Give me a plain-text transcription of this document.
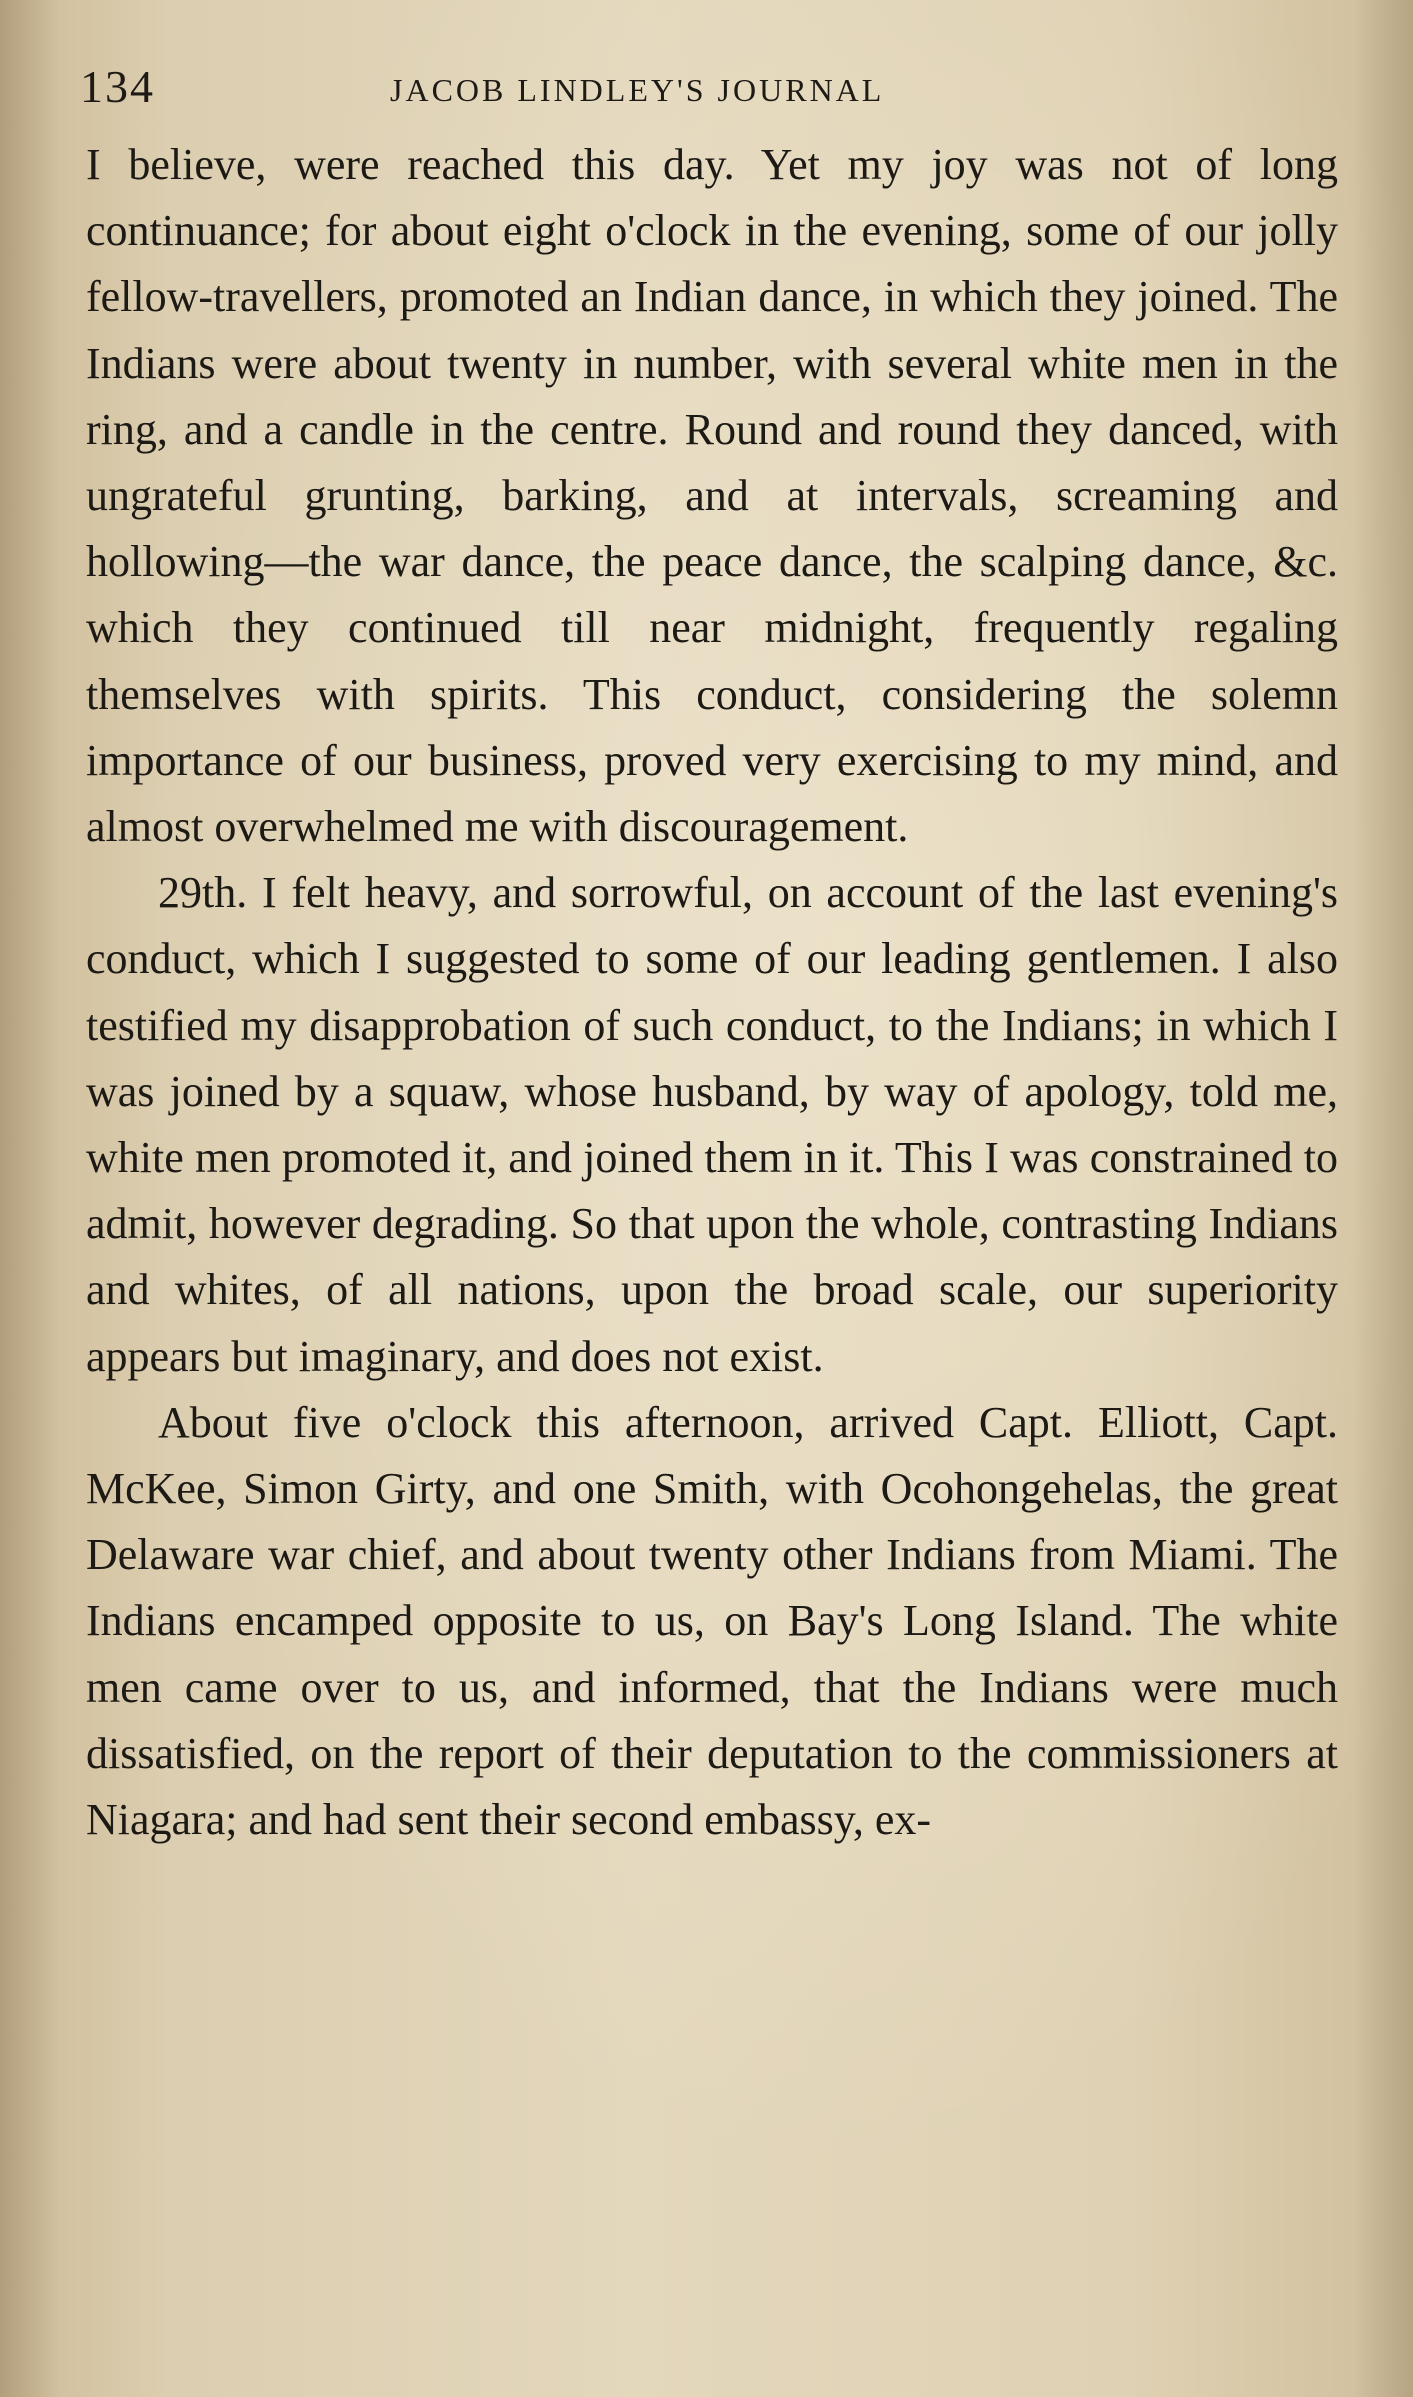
134	JACOB LINDLEY'S JOURNAL

I believe, were reached this day. Yet my joy was not of long continuance; for about eight o'clock in the evening, some of our jolly fellow-travellers, promoted an Indian dance, in which they joined. The Indians were about twenty in number, with several white men in the ring, and a candle in the centre. Round and round they danced, with ungrateful grunting, barking, and at intervals, screaming and hollowing—the war dance, the peace dance, the scalping dance, &c. which they continued till near midnight, frequently regaling themselves with spirits. This conduct, considering the solemn importance of our business, proved very exercising to my mind, and almost overwhelmed me with discouragement.

29th. I felt heavy, and sorrowful, on account of the last evening's conduct, which I suggested to some of our leading gentlemen. I also testified my disapprobation of such conduct, to the Indians; in which I was joined by a squaw, whose husband, by way of apology, told me, white men promoted it, and joined them in it. This I was constrained to admit, however degrading. So that upon the whole, contrasting Indians and whites, of all nations, upon the broad scale, our superiority appears but imaginary, and does not exist.

About five o'clock this afternoon, arrived Capt. Elliott, Capt. McKee, Simon Girty, and one Smith, with Ocohongehelas, the great Delaware war chief, and about twenty other Indians from Miami. The Indians encamped opposite to us, on Bay's Long Island. The white men came over to us, and informed, that the Indians were much dissatisfied, on the report of their deputation to the commissioners at Niagara; and had sent their second embassy, ex-
